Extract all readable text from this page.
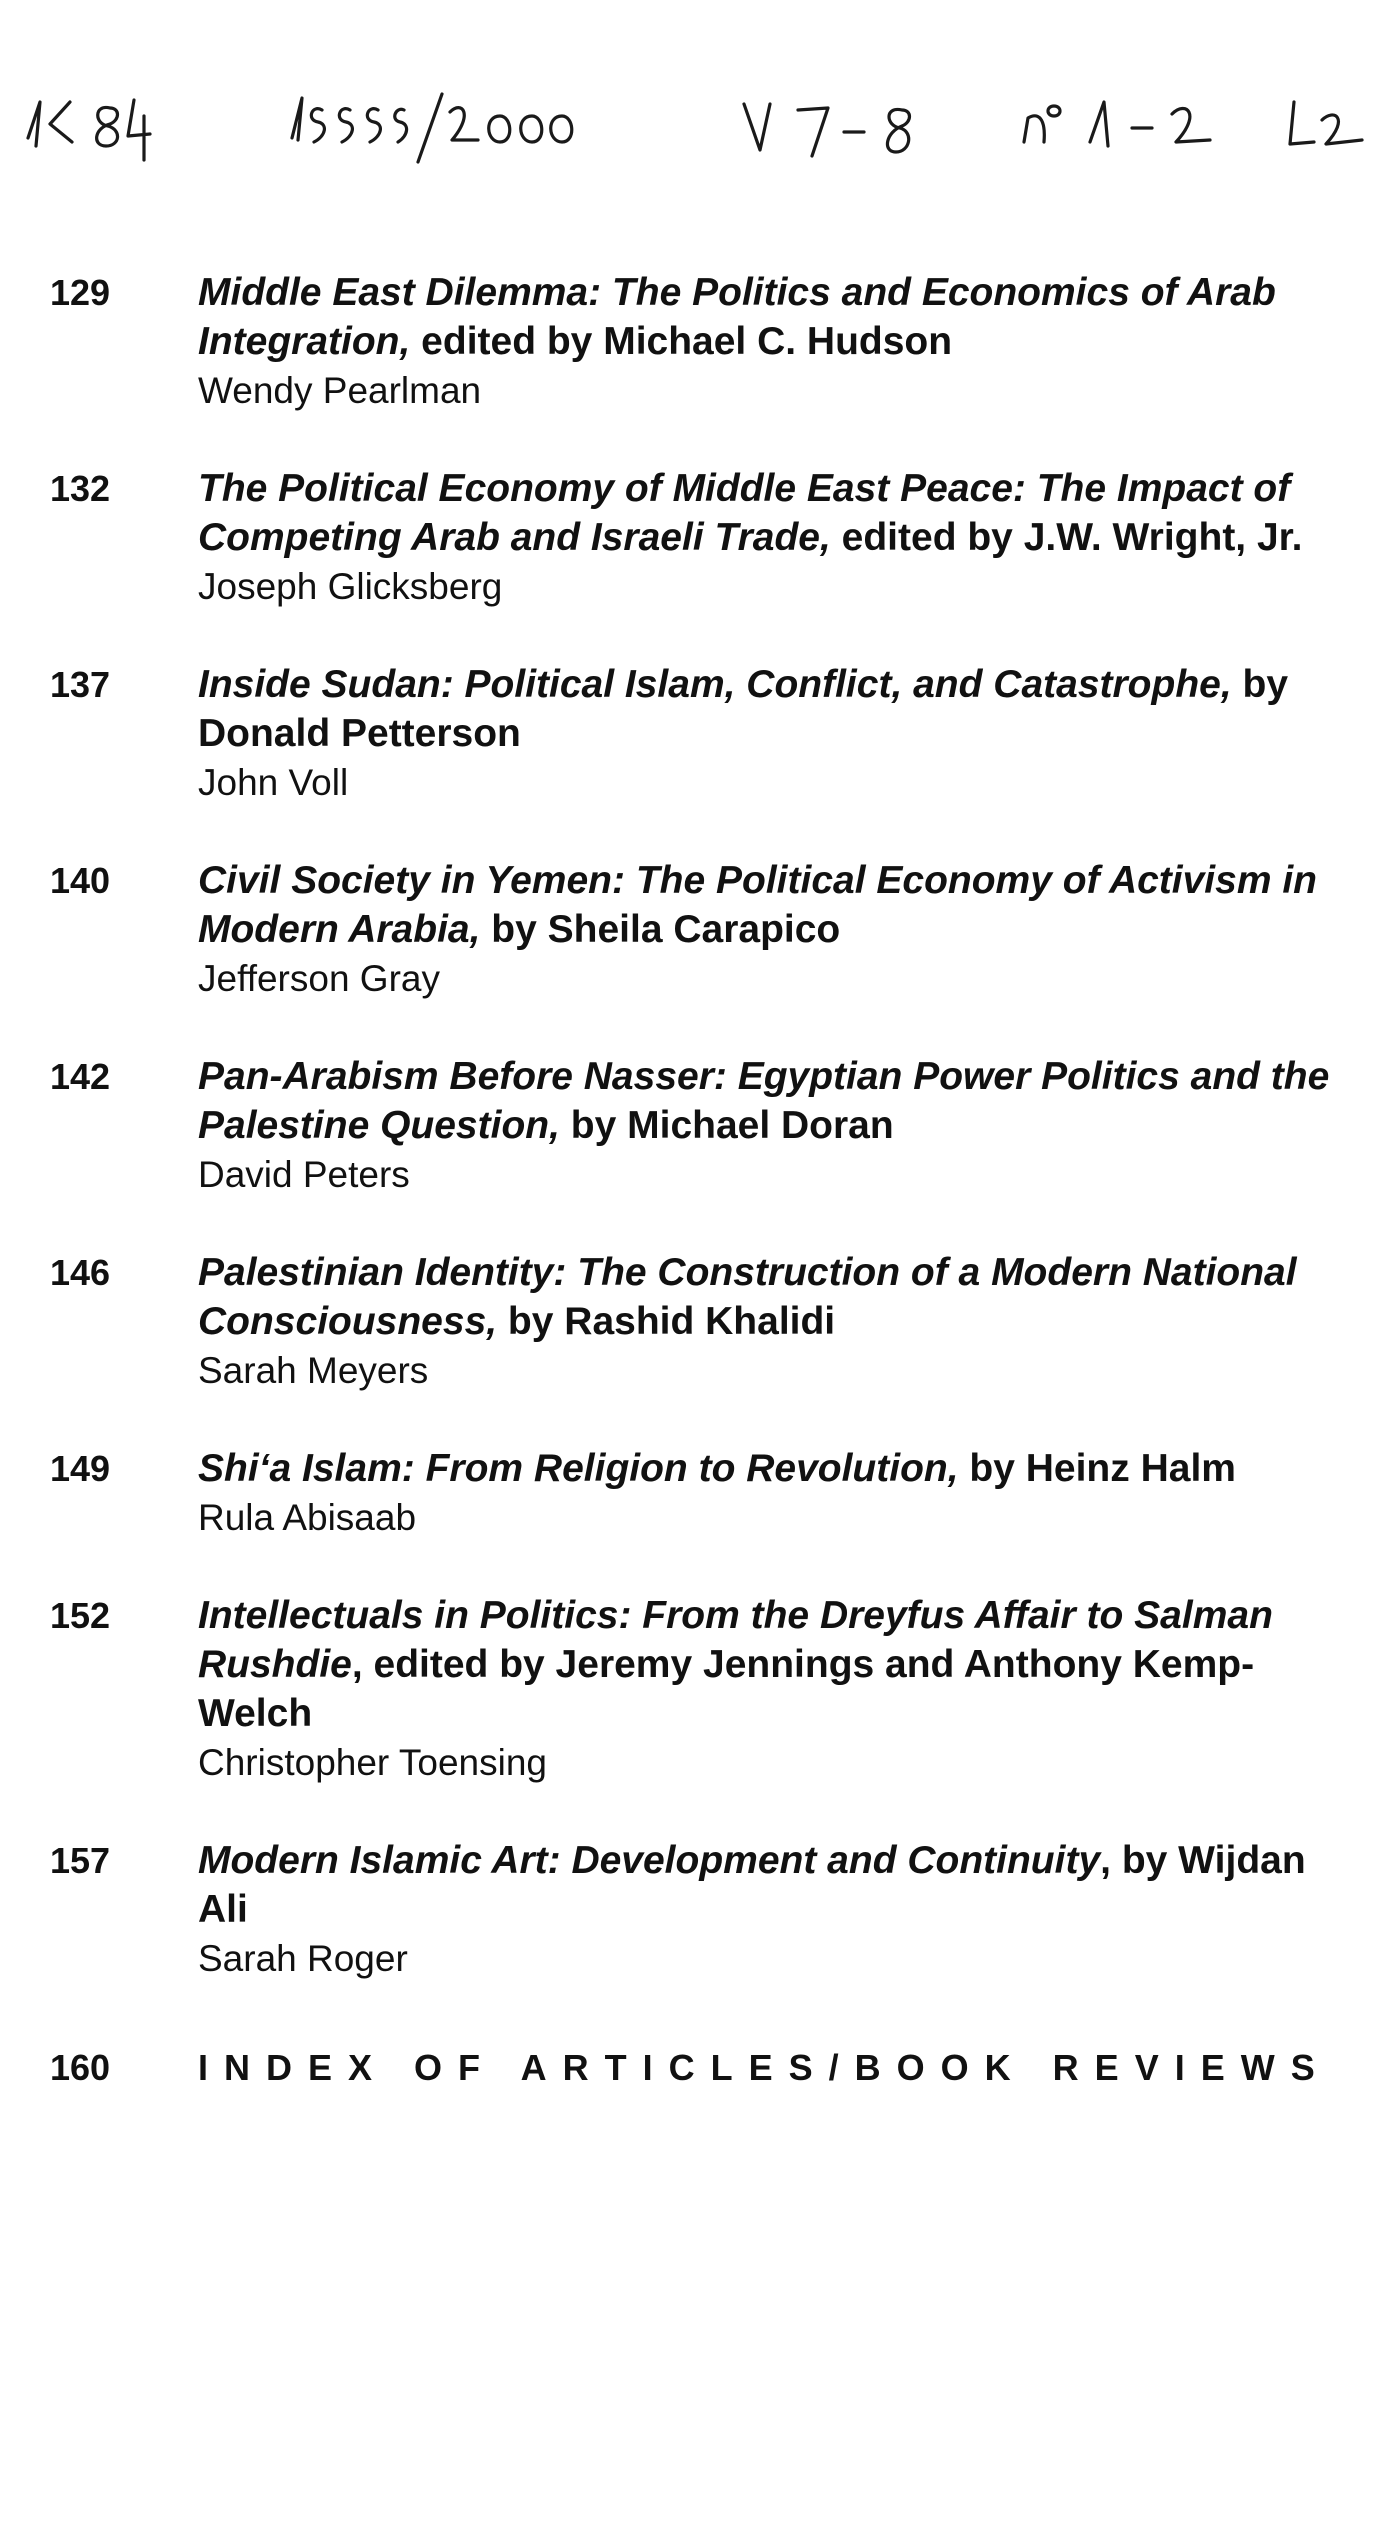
129	Middle East Dilemma: The Politics and Economics of Arab Integration, edited by Michael C. Hudson

Wendy Pearlman

132	The Political Economy of Middle East Peace: The Impact of Competing Arab and Israeli Trade, edited by J.W. Wright, Jr.

Joseph Glicksberg

137	Inside Sudan: Political Islam, Conflict, and Catastrophe, by Donald Petterson

John Voll

140	Civil Society in Yemen: The Political Economy of Activism in Modern Arabia, by Sheila Carapico

Jefferson Gray

142	Pan-Arabism Before Nasser: Egyptian Power Politics and the Palestine Question, by Michael Doran

David Peters

146	Palestinian Identity: The Construction of a Modern National Consciousness, by Rashid Khalidi

Sarah Meyers

149	Shi‘a Islam: From Religion to Revolution, by Heinz Halm

Rula Abisaab

152	Intellectuals in Politics: From the Dreyfus Affair to Salman Rushdie, edited by Jeremy Jennings and Anthony Kemp-Welch

Christopher Toensing

157	Modern Islamic Art: Development and Continuity, by Wijdan Ali

Sarah Roger

160	INDEX OF ARTICLES/BOOK REVIEWS
